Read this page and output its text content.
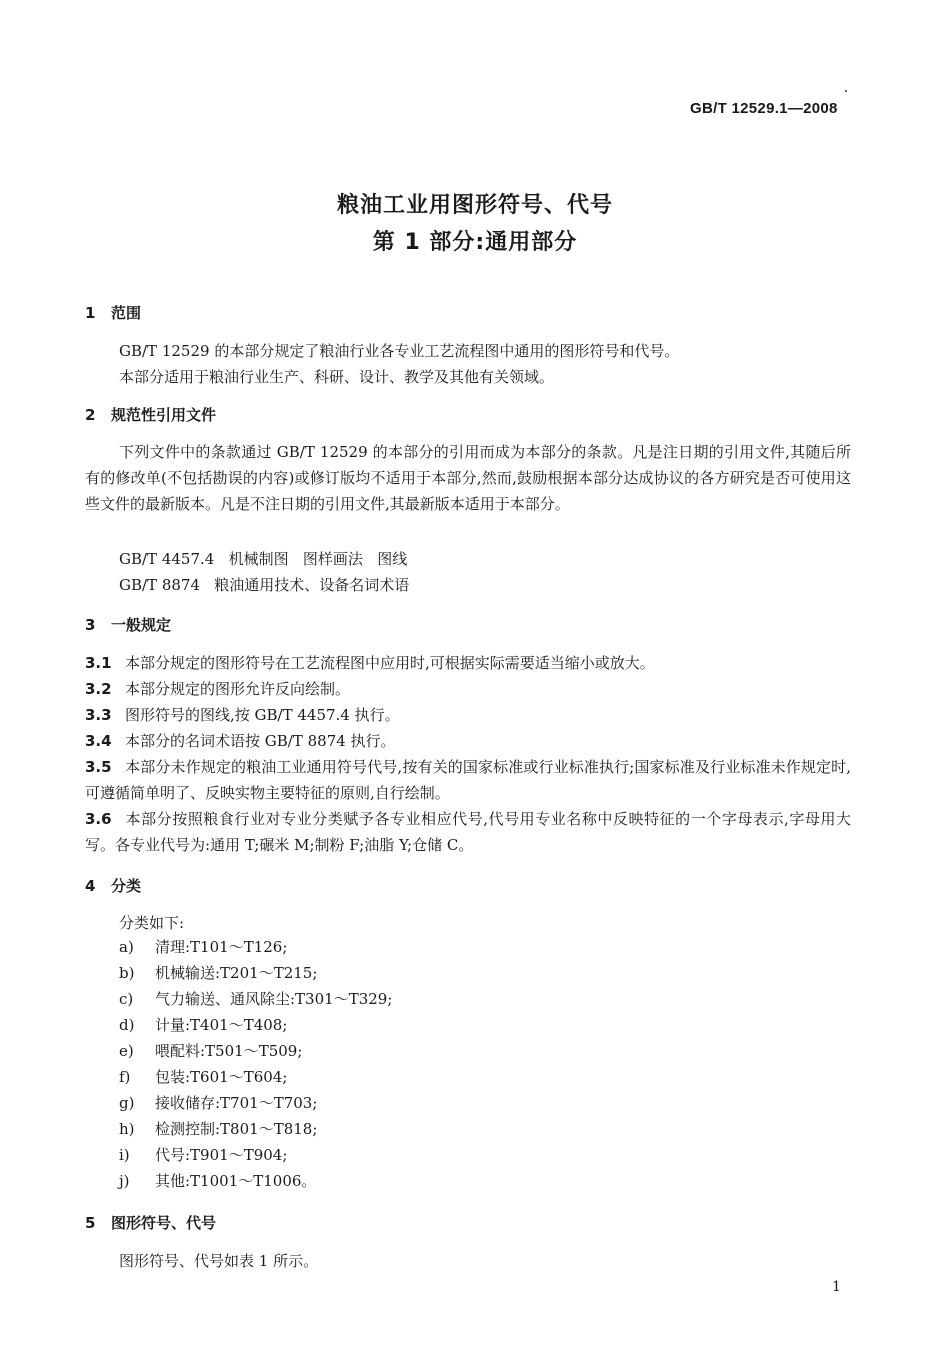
GB/T 12529.1—2008
粮油工业用图形符号、代号
第 1 部分:通用部分
1 范围
GB/T 12529 的本部分规定了粮油行业各专业工艺流程图中通用的图形符号和代号。
本部分适用于粮油行业生产、科研、设计、教学及其他有关领域。
2 规范性引用文件
下列文件中的条款通过 GB/T 12529 的本部分的引用而成为本部分的条款。凡是注日期的引用文件,其随后所有的修改单(不包括勘误的内容)或修订版均不适用于本部分,然而,鼓励根据本部分达成协议的各方研究是否可使用这些文件的最新版本。凡是不注日期的引用文件,其最新版本适用于本部分。
GB/T 4457.4   机械制图   图样画法   图线
GB/T 8874   粮油通用技术、设备名词术语
3 一般规定
3.1 本部分规定的图形符号在工艺流程图中应用时,可根据实际需要适当缩小或放大。
3.2 本部分规定的图形允许反向绘制。
3.3 图形符号的图线,按 GB/T 4457.4 执行。
3.4 本部分的名词术语按 GB/T 8874 执行。
3.5 本部分未作规定的粮油工业通用符号代号,按有关的国家标准或行业标准执行;国家标准及行业标准未作规定时,可遵循简单明了、反映实物主要特征的原则,自行绘制。
3.6 本部分按照粮食行业对专业分类赋予各专业相应代号,代号用专业名称中反映特征的一个字母表示,字母用大写。各专业代号为:通用 T;碾米 M;制粉 F;油脂 Y;仓储 C。
4 分类
分类如下:
a) 清理:T101～T126;
b) 机械输送:T201～T215;
c) 气力输送、通风除尘:T301～T329;
d) 计量:T401～T408;
e) 喂配料:T501～T509;
f) 包装:T601～T604;
g) 接收储存:T701～T703;
h) 检测控制:T801～T818;
i) 代号:T901～T904;
j) 其他:T1001～T1006。
5 图形符号、代号
图形符号、代号如表 1 所示。
1
